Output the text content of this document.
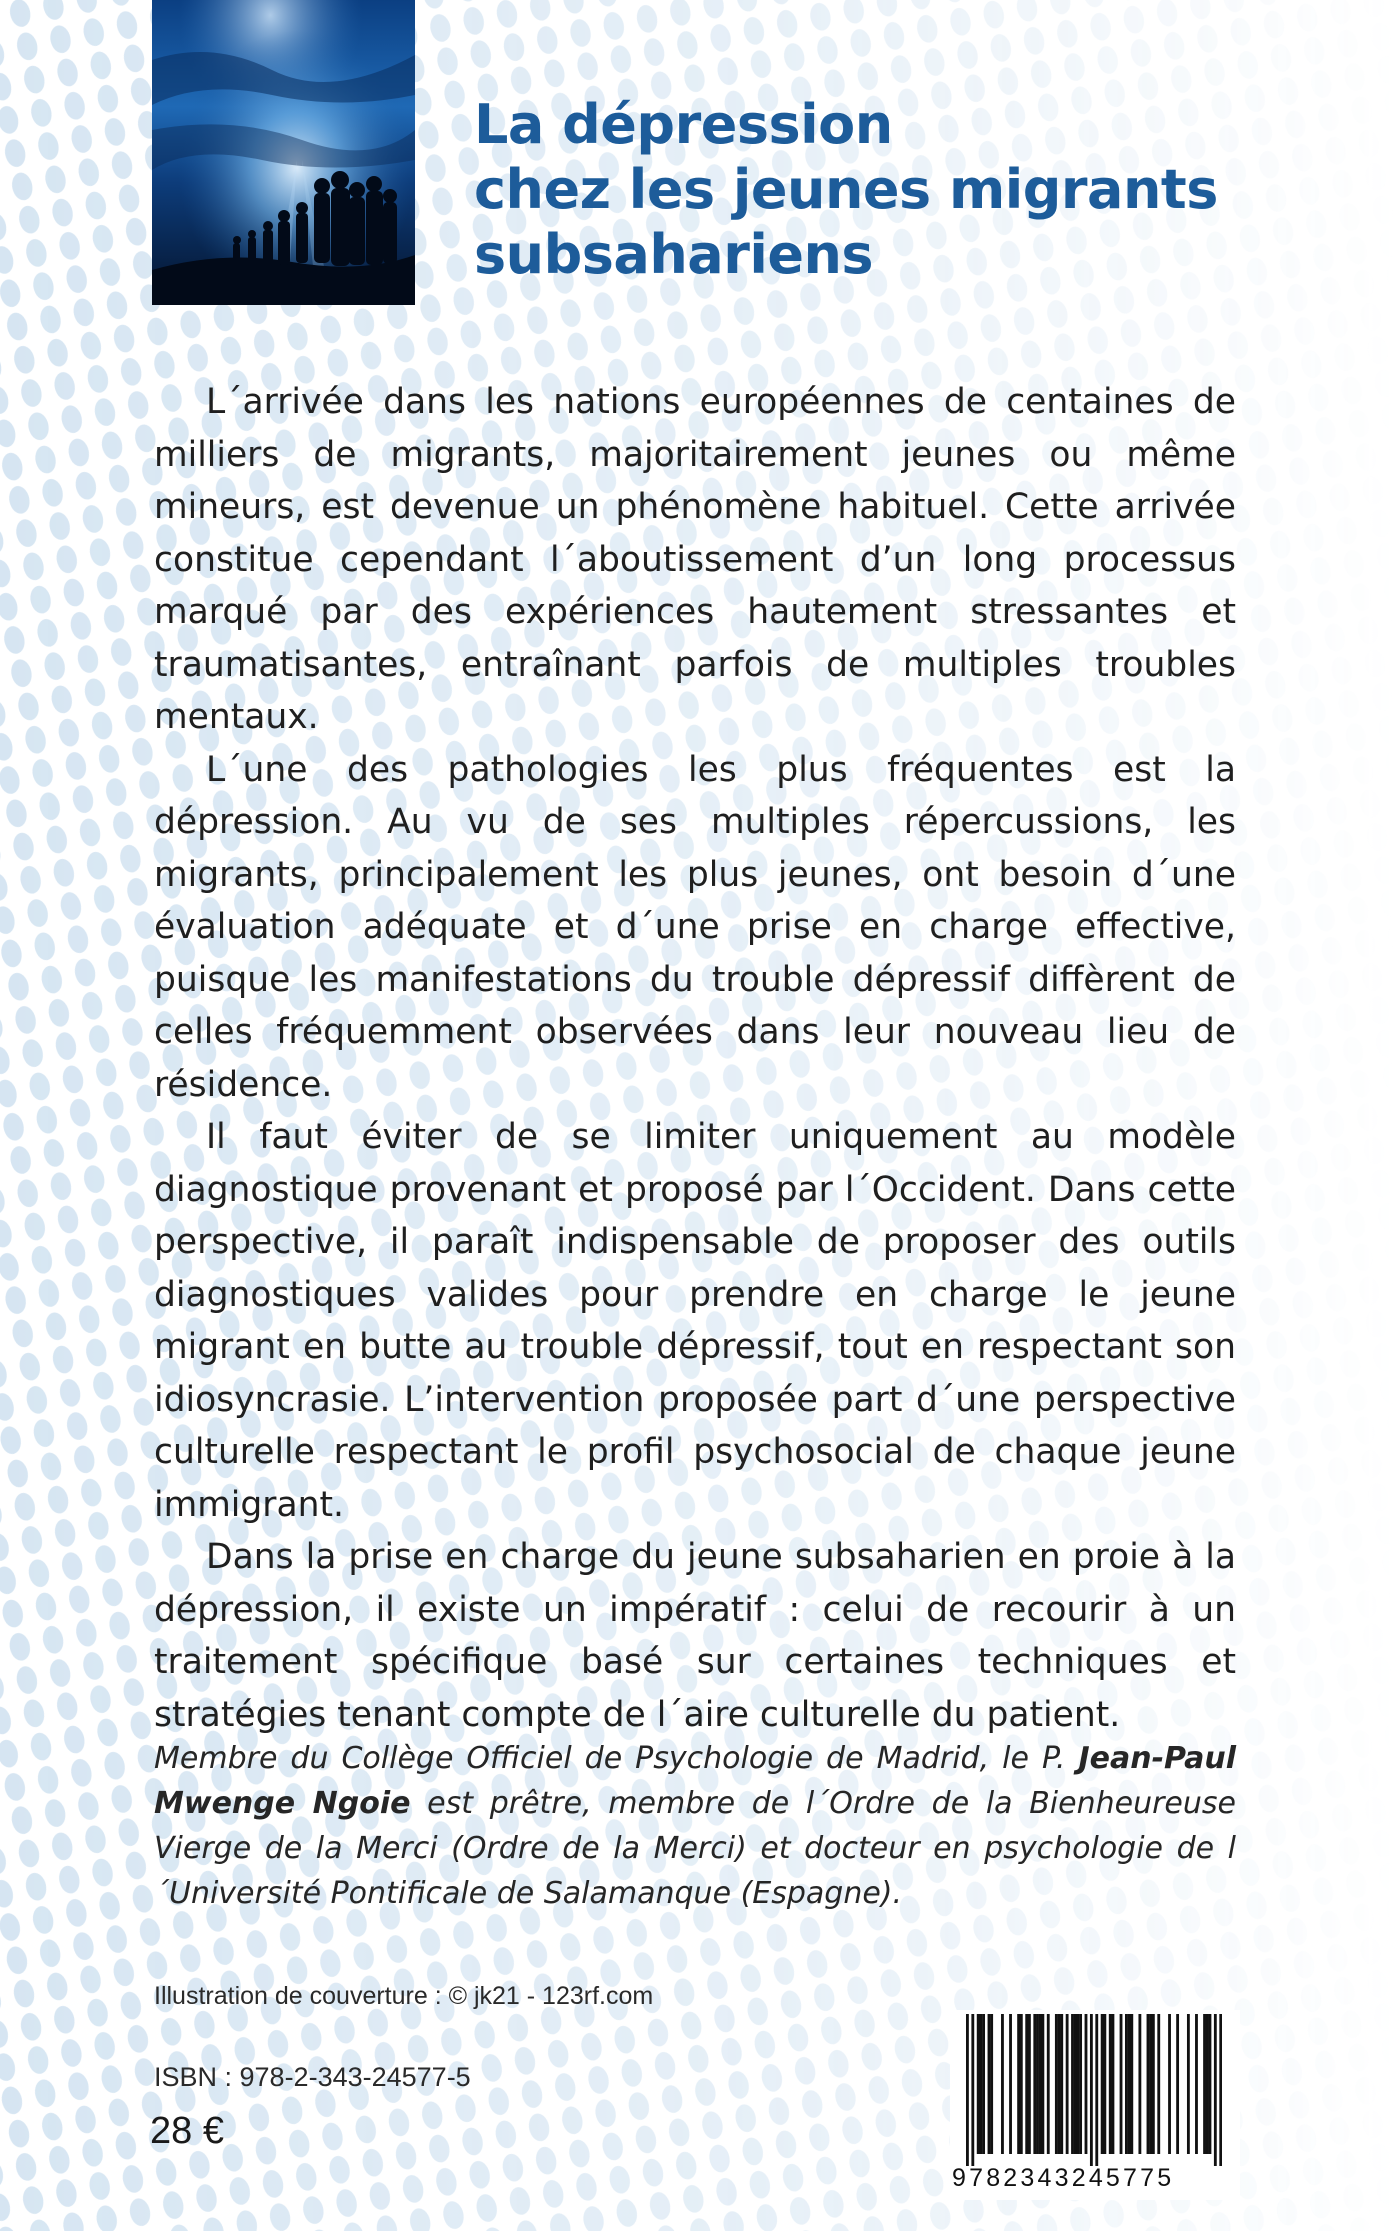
La dépression
chez les jeunes migrants
subsahariens

L´arrivée dans les nations européennes de centaines de milliers de migrants, majoritairement jeunes ou même mineurs, est devenue un phénomène habituel. Cette arrivée constitue cependant l´aboutissement d’un long processus marqué par des expériences hautement stressantes et traumatisantes, entraînant parfois de multiples troubles mentaux.

L´une des pathologies les plus fréquentes est la dépression. Au vu de ses multiples répercussions, les migrants, principalement les plus jeunes, ont besoin d´une évaluation adéquate et d´une prise en charge effective, puisque les manifestations du trouble dépressif diffèrent de celles fréquemment observées dans leur nouveau lieu de résidence.

Il faut éviter de se limiter uniquement au modèle diagnostique provenant et proposé par l´Occident. Dans cette perspective, il paraît indispensable de proposer des outils diagnostiques valides pour prendre en charge le jeune migrant en butte au trouble dépressif, tout en respectant son idiosyncrasie. L’intervention proposée part d´une perspective culturelle respectant le profil psychosocial de chaque jeune immigrant.

Dans la prise en charge du jeune subsaharien en proie à la dépression, il existe un impératif : celui de recourir à un traitement spécifique basé sur certaines techniques et stratégies tenant compte de l´aire culturelle du patient.

Membre du Collège Officiel de Psychologie de Madrid, le P. Jean-Paul Mwenge Ngoie est prêtre, membre de l´Ordre de la Bienheureuse Vierge de la Merci (Ordre de la Merci) et docteur en psychologie de l´Université Pontificale de Salamanque (Espagne).

Illustration de couverture : © jk21 - 123rf.com
ISBN : 978-2-343-24577-5
28 €
9782343245775
